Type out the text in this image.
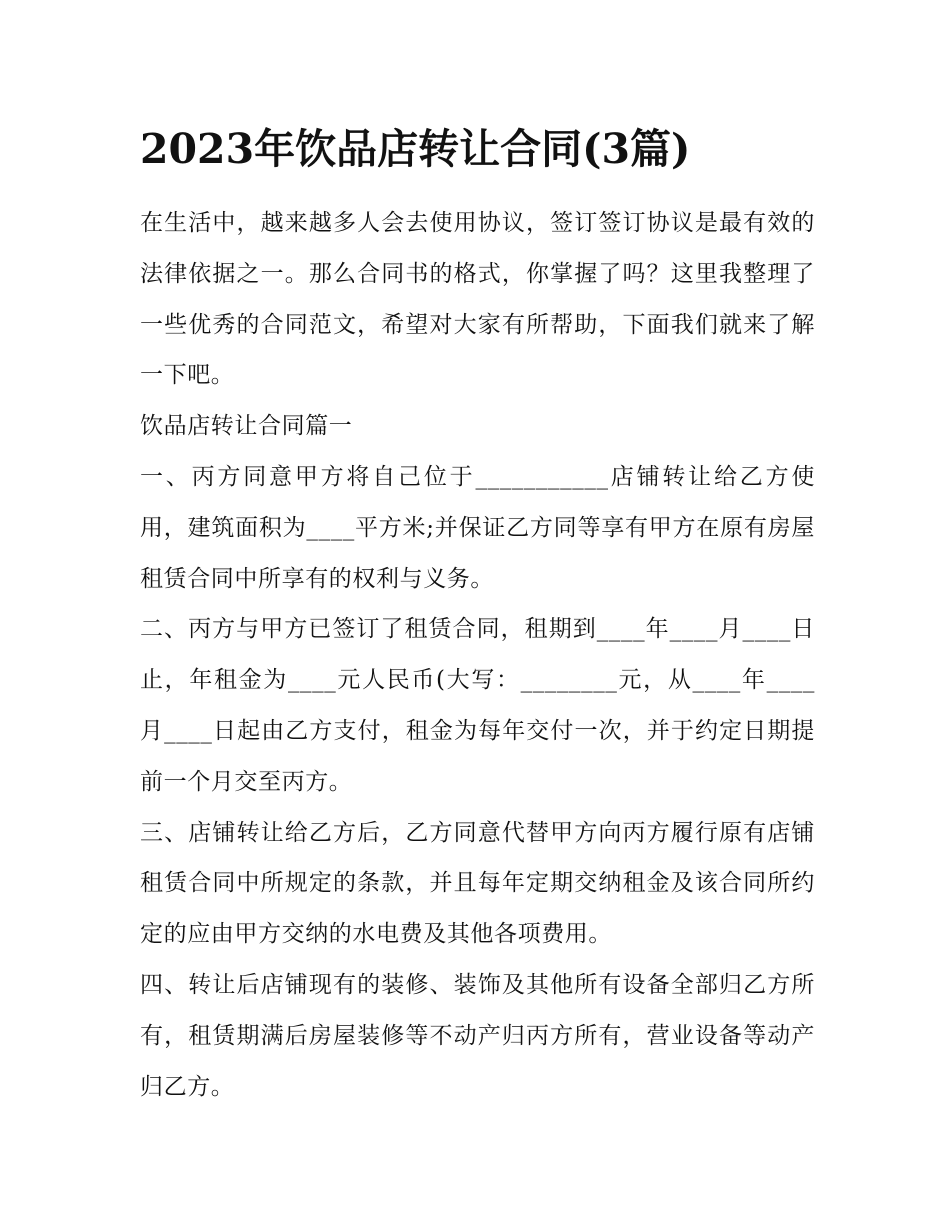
2023年饮品店转让合同(3篇)

在生活中，越来越多人会去使用协议，签订签订协议是最有效的法律依据之一。那么合同书的格式，你掌握了吗？这里我整理了一些优秀的合同范文，希望对大家有所帮助，下面我们就来了解一下吧。

饮品店转让合同篇一

一、丙方同意甲方将自己位于___________店铺转让给乙方使用，建筑面积为____平方米;并保证乙方同等享有甲方在原有房屋租赁合同中所享有的权利与义务。

二、丙方与甲方已签订了租赁合同，租期到____年____月____日止，年租金为____元人民币(大写：________元，从____年____月____日起由乙方支付，租金为每年交付一次，并于约定日期提前一个月交至丙方。

三、店铺转让给乙方后，乙方同意代替甲方向丙方履行原有店铺租赁合同中所规定的条款，并且每年定期交纳租金及该合同所约定的应由甲方交纳的水电费及其他各项费用。

四、转让后店铺现有的装修、装饰及其他所有设备全部归乙方所有，租赁期满后房屋装修等不动产归丙方所有，营业设备等动产归乙方。
